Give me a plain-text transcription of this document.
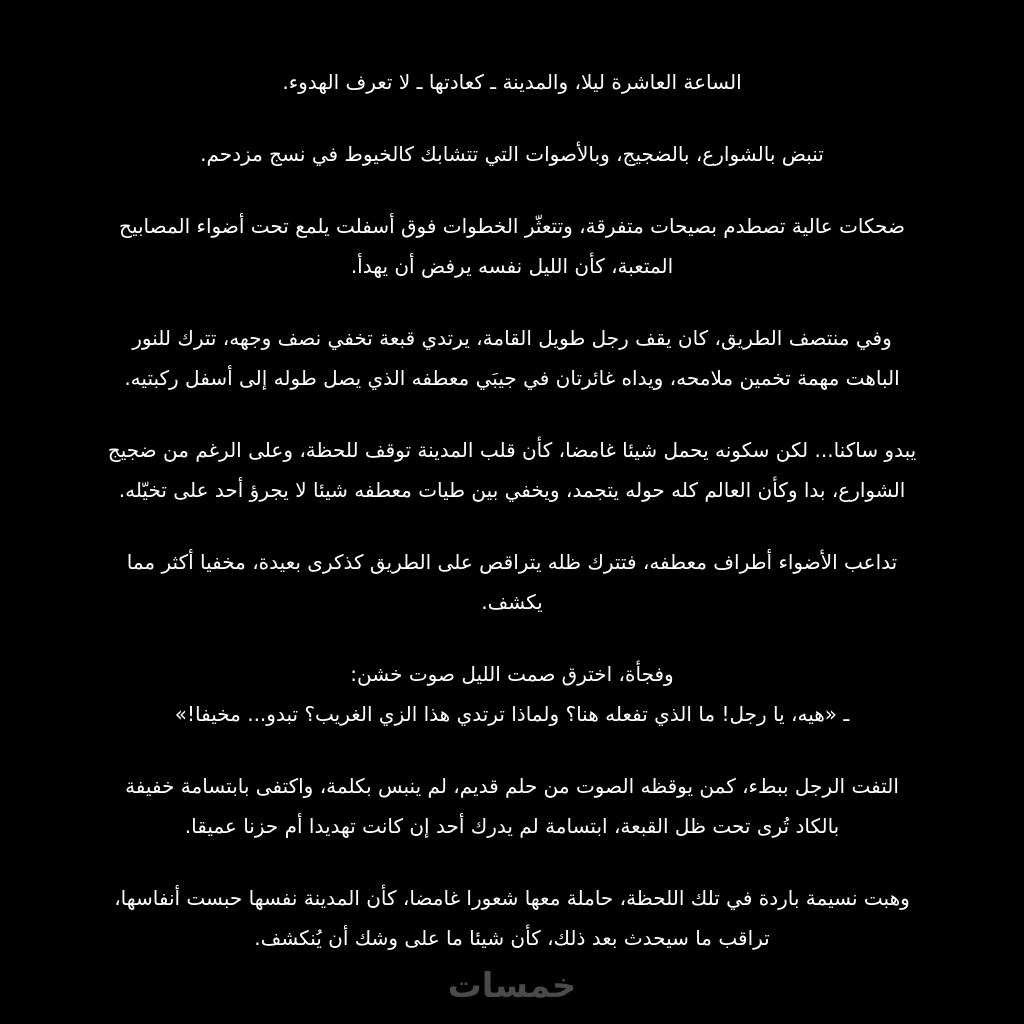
الساعة العاشرة ليلا، والمدينة ـ كعادتها ـ لا تعرف الهدوء.

تنبض بالشوارع، بالضجيج، وبالأصوات التي تتشابك كالخيوط في نسج مزدحم.

ضحكات عالية تصطدم بصيحات متفرقة، وتتعثّر الخطوات فوق أسفلت يلمع تحت أضواء المصابيح
المتعبة، كأن الليل نفسه يرفض أن يهدأ.

وفي منتصف الطريق، كان يقف رجل طويل القامة، يرتدي قبعة تخفي نصف وجهه، تترك للنور
الباهت مهمة تخمين ملامحه، ويداه غائرتان في جيبَي معطفه الذي يصل طوله إلى أسفل ركبتيه.

يبدو ساكنا... لكن سكونه يحمل شيئا غامضا، كأن قلب المدينة توقف للحظة، وعلى الرغم من ضجيج
الشوارع، بدا وكأن العالم كله حوله يتجمد، ويخفي بين طيات معطفه شيئا لا يجرؤ أحد على تخيّله.

تداعب الأضواء أطراف معطفه، فتترك ظله يتراقص على الطريق كذكرى بعيدة، مخفيا أكثر مما
يكشف.

وفجأة، اخترق صمت الليل صوت خشن:
ـ «هيه، يا رجل! ما الذي تفعله هنا؟ ولماذا ترتدي هذا الزي الغريب؟ تبدو... مخيفا!»

التفت الرجل ببطء، كمن يوقظه الصوت من حلم قديم، لم ينبس بكلمة، واكتفى بابتسامة خفيفة
بالكاد تُرى تحت ظل القبعة، ابتسامة لم يدرك أحد إن كانت تهديدا أم حزنا عميقا.

وهبت نسيمة باردة في تلك اللحظة، حاملة معها شعورا غامضا، كأن المدينة نفسها حبست أنفاسها،
تراقب ما سيحدث بعد ذلك، كأن شيئا ما على وشك أن يُنكشف.

خمسات
